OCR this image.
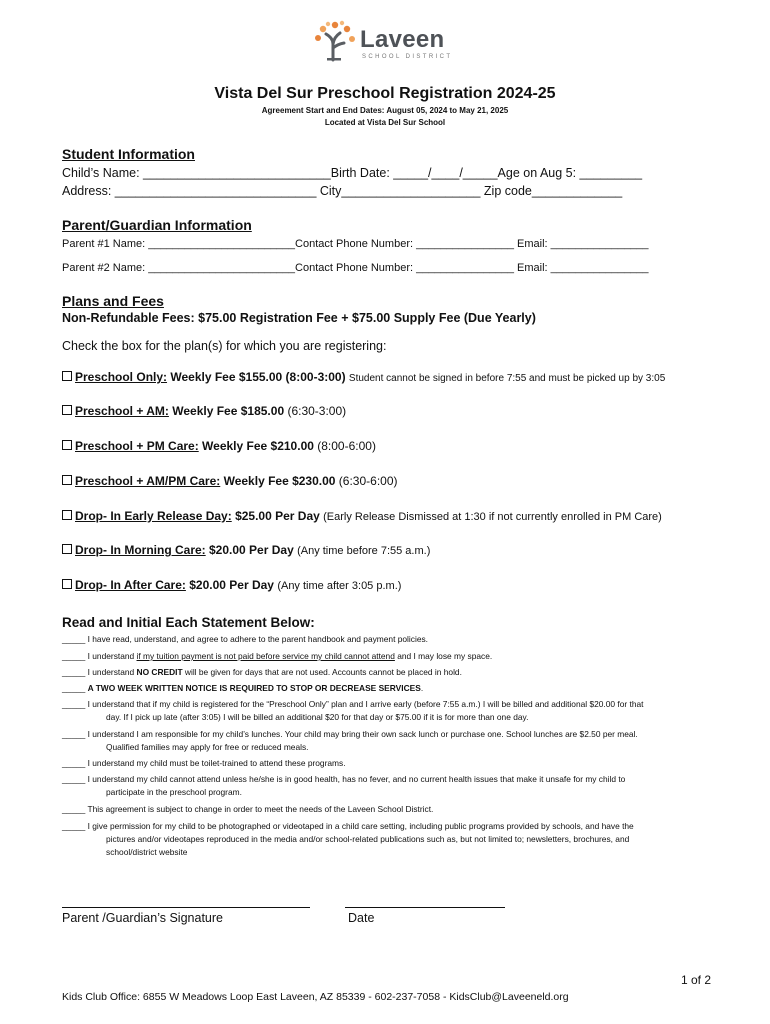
Laveen
SCHOOL DISTRICT
Vista Del Sur Preschool Registration 2024-25
Agreement Start and End Dates: August 05, 2024 to May 21, 2025
Located at Vista Del Sur School
Student Information
Child’s Name: ___________________________Birth Date: _____/____/_____Age on Aug 5: _________
Address: _____________________________ City____________________ Zip code_____________
Parent/Guardian Information
Parent #1 Name: ________________________Contact Phone Number: ________________ Email: ________________
Parent #2 Name: ________________________Contact Phone Number: ________________ Email: ________________
Plans and Fees
Non-Refundable Fees: $75.00 Registration Fee + $75.00 Supply Fee (Due Yearly)
Check the box for the plan(s) for which you are registering:
Preschool Only: Weekly Fee $155.00 (8:00-3:00) Student cannot be signed in before 7:55 and must be picked up by 3:05
Preschool + AM: Weekly Fee $185.00 (6:30-3:00)
Preschool + PM Care: Weekly Fee $210.00 (8:00-6:00)
Preschool + AM/PM Care: Weekly Fee $230.00 (6:30-6:00)
Drop- In Early Release Day: $25.00 Per Day (Early Release Dismissed at 1:30 if not currently enrolled in PM Care)
Drop- In Morning Care: $20.00 Per Day (Any time before 7:55 a.m.)
Drop- In After Care: $20.00 Per Day (Any time after 3:05 p.m.)
Read and Initial Each Statement Below:
_____ I have read, understand, and agree to adhere to the parent handbook and payment policies.
_____ I understand if my tuition payment is not paid before service my child cannot attend and I may lose my space.
_____ I understand NO CREDIT will be given for days that are not used. Accounts cannot be placed in hold.
_____ A TWO WEEK WRITTEN NOTICE IS REQUIRED TO STOP OR DECREASE SERVICES.
_____ I understand that if my child is registered for the “Preschool Only” plan and I arrive early (before 7:55 a.m.) I will be billed and additional $20.00 for that
day. If I pick up late (after 3:05) I will be billed an additional $20 for that day or $75.00 if it is for more than one day.
_____ I understand I am responsible for my child’s lunches. Your child may bring their own sack lunch or purchase one. School lunches are $2.50 per meal.
Qualified families may apply for free or reduced meals.
_____ I understand my child must be toilet-trained to attend these programs.
_____ I understand my child cannot attend unless he/she is in good health, has no fever, and no current health issues that make it unsafe for my child to
participate in the preschool program.
_____ This agreement is subject to change in order to meet the needs of the Laveen School District.
_____ I give permission for my child to be photographed or videotaped in a child care setting, including public programs provided by schools, and have the
pictures and/or videotapes reproduced in the media and/or school-related publications such as, but not limited to; newsletters, brochures, and
school/district website
Parent /Guardian’s Signature	Date
1 of 2
Kids Club Office: 6855 W Meadows Loop East Laveen, AZ 85339 - 602-237-7058 - KidsClub@Laveeneld.org
